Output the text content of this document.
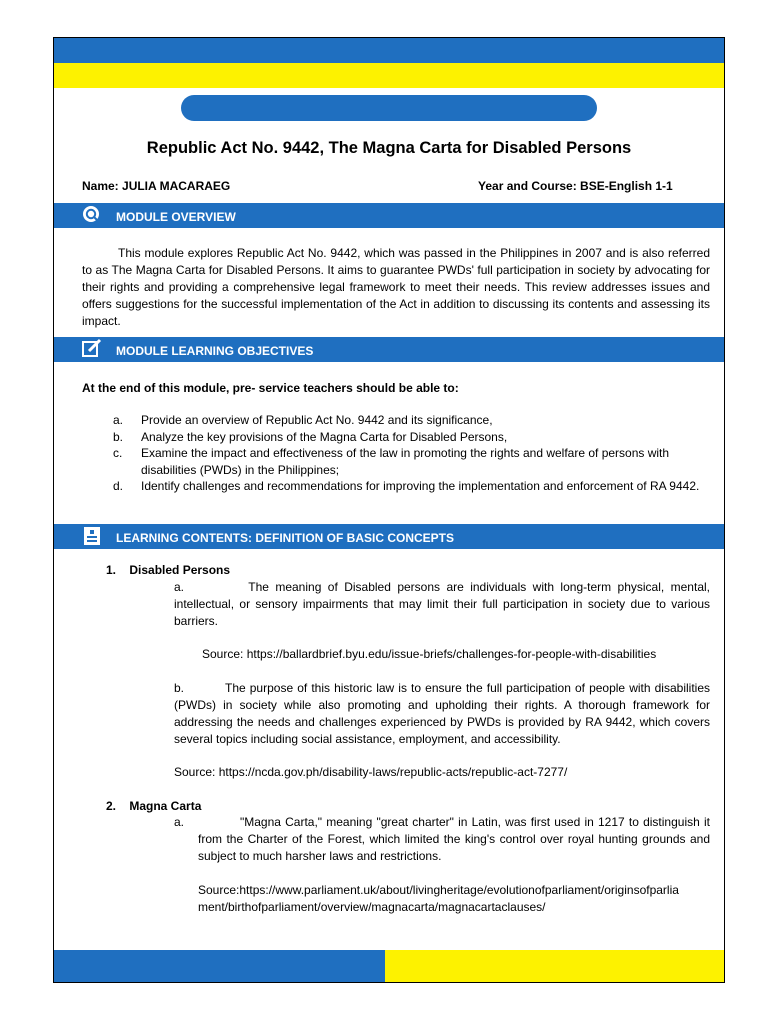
Republic Act No. 9442, The Magna Carta for Disabled Persons
Name: JULIA MACARAEG	Year and Course: BSE-English 1-1
MODULE OVERVIEW
This module explores Republic Act No. 9442, which was passed in the Philippines in 2007 and is also referred to as The Magna Carta for Disabled Persons. It aims to guarantee PWDs' full participation in society by advocating for their rights and providing a comprehensive legal framework to meet their needs. This review addresses issues and offers suggestions for the successful implementation of the Act in addition to discussing its contents and assessing its impact.
MODULE LEARNING OBJECTIVES
At the end of this module, pre- service teachers should be able to:
a. Provide an overview of Republic Act No. 9442 and its significance,
b. Analyze the key provisions of the Magna Carta for Disabled Persons,
c. Examine the impact and effectiveness of the law in promoting the rights and welfare of persons with disabilities (PWDs) in the Philippines;
d. Identify challenges and recommendations for improving the implementation and enforcement of RA 9442.
LEARNING CONTENTS: DEFINITION OF BASIC CONCEPTS
1.    Disabled Persons
a.	The meaning of Disabled persons are individuals with long-term physical, mental, intellectual, or sensory impairments that may limit their full participation in society due to various barriers.
Source: https://ballardbrief.byu.edu/issue-briefs/challenges-for-people-with-disabilities
b.	The purpose of this historic law is to ensure the full participation of people with disabilities (PWDs) in society while also promoting and upholding their rights. A thorough framework for addressing the needs and challenges experienced by PWDs is provided by RA 9442, which covers several topics including social assistance, employment, and accessibility.
Source: https://ncda.gov.ph/disability-laws/republic-acts/republic-act-7277/
2.    Magna Carta
a.	"Magna Carta," meaning "great charter" in Latin, was first used in 1217 to distinguish it from the Charter of the Forest, which limited the king's control over royal hunting grounds and subject to much harsher laws and restrictions.
Source:https://www.parliament.uk/about/livingheritage/evolutionofparliament/originsofparlia
ment/birthofparliament/overview/magnacarta/magnacartaclauses/
